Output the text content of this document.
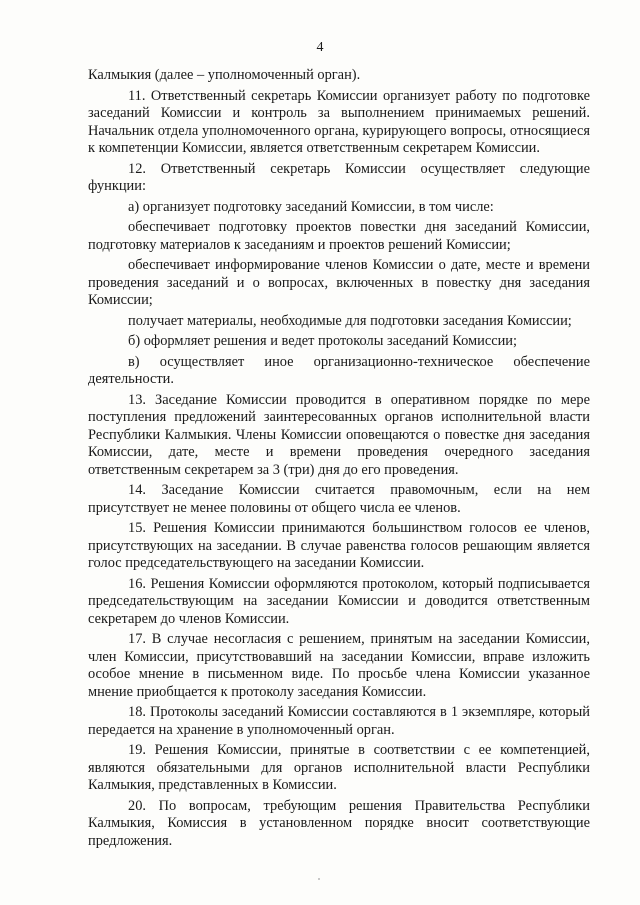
4

Калмыкия (далее – уполномоченный орган).

11. Ответственный секретарь Комиссии организует работу по подготовке заседаний Комиссии и контроль за выполнением принимаемых решений. Начальник отдела уполномоченного органа, курирующего вопросы, относящиеся к компетенции Комиссии, является ответственным секретарем Комиссии.

12. Ответственный секретарь Комиссии осуществляет следующие функции:

а) организует подготовку заседаний Комиссии, в том числе:

обеспечивает подготовку проектов повестки дня заседаний Комиссии, подготовку материалов к заседаниям и проектов решений Комиссии;

обеспечивает информирование членов Комиссии о дате, месте и времени проведения заседаний и о вопросах, включенных в повестку дня заседания Комиссии;

получает материалы, необходимые для подготовки заседания Комиссии;

б) оформляет решения и ведет протоколы заседаний Комиссии;

в) осуществляет иное организационно-техническое обеспечение деятельности.

13. Заседание Комиссии проводится в оперативном порядке по мере поступления предложений заинтересованных органов исполнительной власти Республики Калмыкия. Члены Комиссии оповещаются о повестке дня заседания Комиссии, дате, месте и времени проведения очередного заседания ответственным секретарем за 3 (три) дня до его проведения.

14. Заседание Комиссии считается правомочным, если на нем присутствует не менее половины от общего числа ее членов.

15. Решения Комиссии принимаются большинством голосов ее членов, присутствующих на заседании. В случае равенства голосов решающим является голос председательствующего на заседании Комиссии.

16. Решения Комиссии оформляются протоколом, который подписывается председательствующим на заседании Комиссии и доводится ответственным секретарем до членов Комиссии.

17. В случае несогласия с решением, принятым на заседании Комиссии, член Комиссии, присутствовавший на заседании Комиссии, вправе изложить особое мнение в письменном виде. По просьбе члена Комиссии указанное мнение приобщается к протоколу заседания Комиссии.

18. Протоколы заседаний Комиссии составляются в 1 экземпляре, который передается на хранение в уполномоченный орган.

19. Решения Комиссии, принятые в соответствии с ее компетенцией, являются обязательными для органов исполнительной власти Республики Калмыкия, представленных в Комиссии.

20. По вопросам, требующим решения Правительства Республики Калмыкия, Комиссия в установленном порядке вносит соответствующие предложения.
